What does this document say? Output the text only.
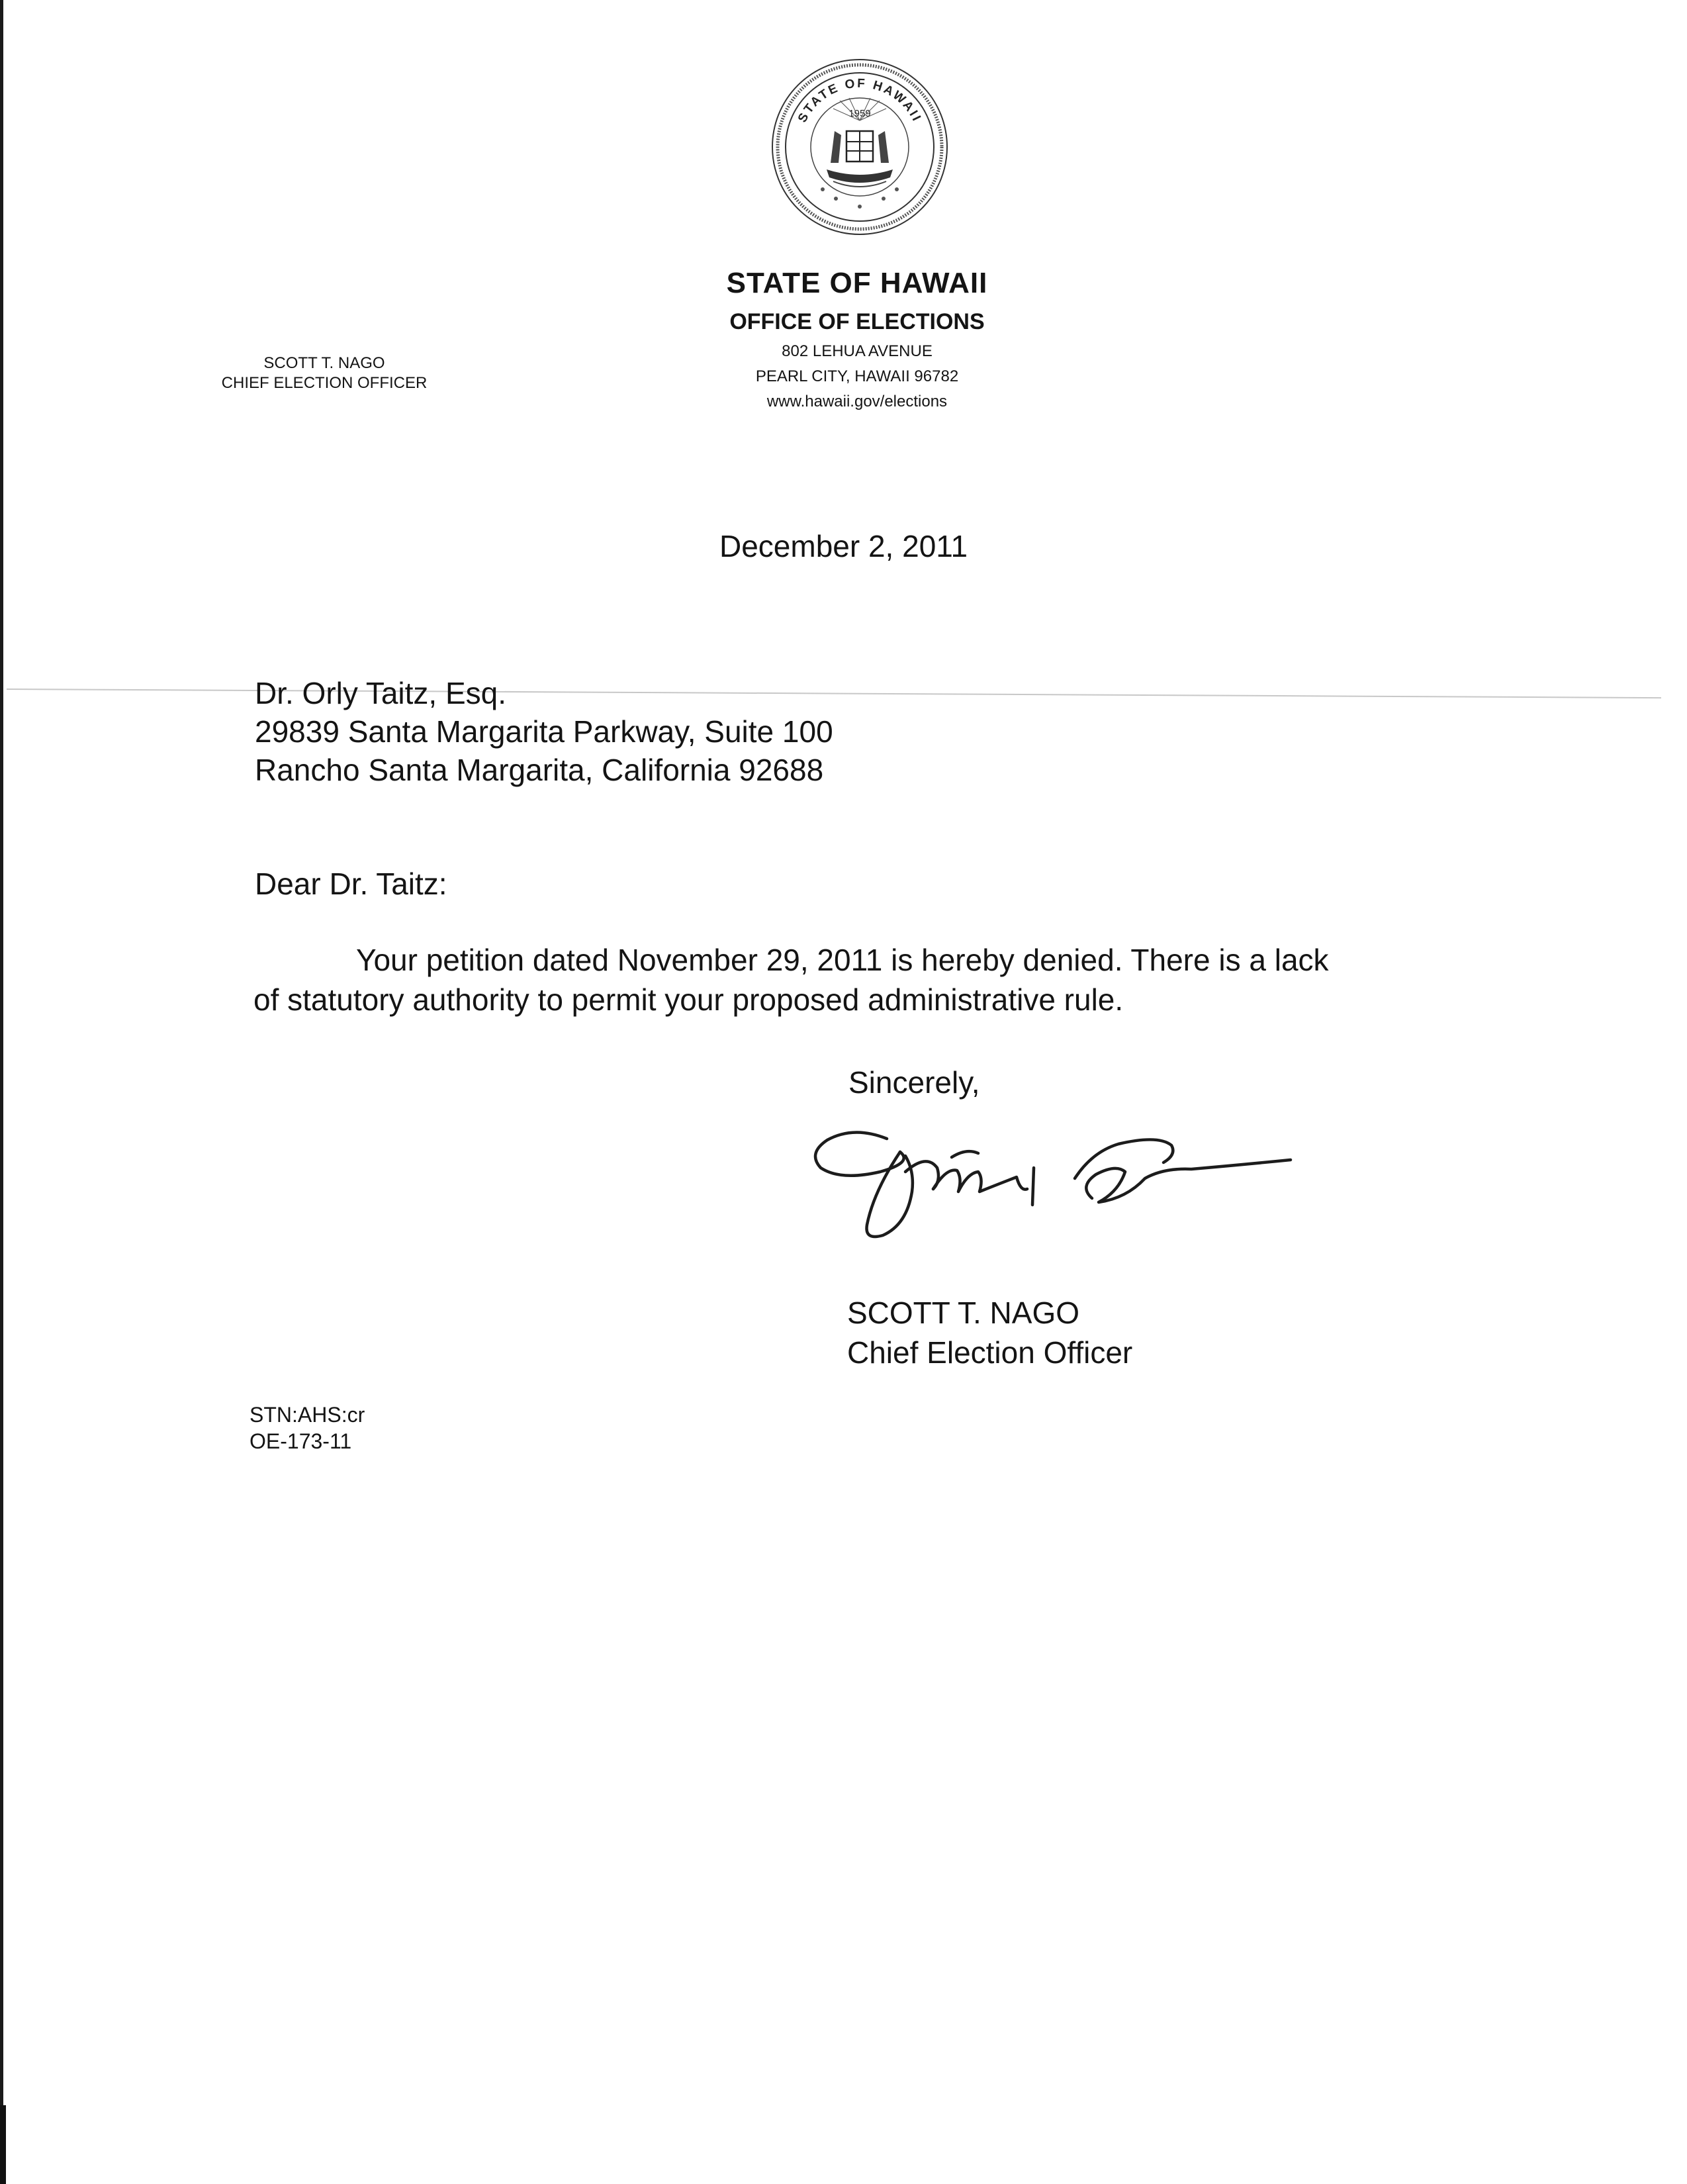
STATE OF HAWAII
1959
STATE OF HAWAII
OFFICE OF ELECTIONS
802 LEHUA AVENUE
PEARL CITY, HAWAII 96782
www.hawaii.gov/elections
SCOTT T. NAGO
CHIEF ELECTION OFFICER
December 2, 2011
Dr. Orly Taitz, Esq.
29839 Santa Margarita Parkway, Suite 100
Rancho Santa Margarita, California 92688
Dear Dr. Taitz:
Your petition dated November 29, 2011 is hereby denied. There is a lack
of statutory authority to permit your proposed administrative rule.
Sincerely,
SCOTT T. NAGO
Chief Election Officer
STN:AHS:cr
OE-173-11
